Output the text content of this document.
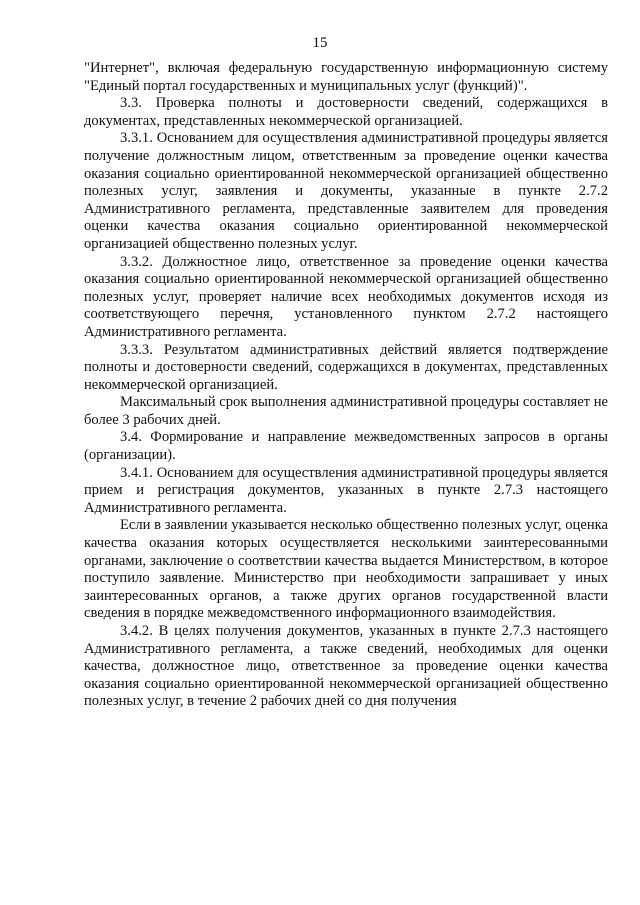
15

"Интернет", включая федеральную государственную информационную систему "Единый портал государственных и муниципальных услуг (функций)".

3.3. Проверка полноты и достоверности сведений, содержащихся в документах, представленных некоммерческой организацией.

3.3.1. Основанием для осуществления административной процедуры является получение должностным лицом, ответственным за проведение оценки качества оказания социально ориентированной некоммерческой организацией общественно полезных услуг, заявления и документы, указанные в пункте 2.7.2 Административного регламента, представленные заявителем для проведения оценки качества оказания социально ориентированной некоммерческой организацией общественно полезных услуг.

3.3.2. Должностное лицо, ответственное за проведение оценки качества оказания социально ориентированной некоммерческой организацией общественно полезных услуг, проверяет наличие всех необходимых документов исходя из соответствующего перечня, установленного пунктом 2.7.2 настоящего Административного регламента.

3.3.3. Результатом административных действий является подтверждение полноты и достоверности сведений, содержащихся в документах, представленных некоммерческой организацией.

Максимальный срок выполнения административной процедуры составляет не более 3 рабочих дней.

3.4. Формирование и направление межведомственных запросов в органы (организации).

3.4.1. Основанием для осуществления административной процедуры является прием и регистрация документов, указанных в пункте 2.7.3 настоящего Административного регламента.

Если в заявлении указывается несколько общественно полезных услуг, оценка качества оказания которых осуществляется несколькими заинтересованными органами, заключение о соответствии качества выдается Министерством, в которое поступило заявление. Министерство при необходимости запрашивает у иных заинтересованных органов, а также других органов государственной власти сведения в порядке межведомственного информационного взаимодействия.

3.4.2. В целях получения документов, указанных в пункте 2.7.3 настоящего Административного регламента, а также сведений, необходимых для оценки качества, должностное лицо, ответственное за проведение оценки качества оказания социально ориентированной некоммерческой организацией общественно полезных услуг, в течение 2 рабочих дней со дня получения
